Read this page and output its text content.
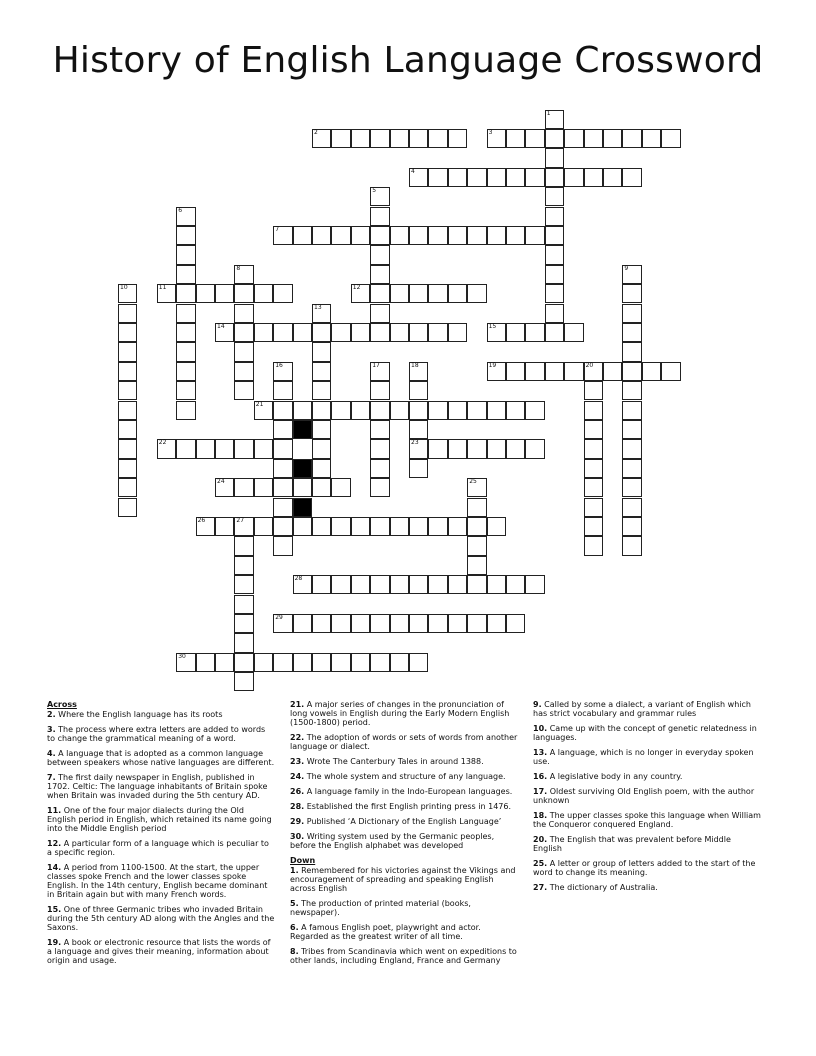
History of English Language Crossword
1
2	3
4
5
6
7
8	9
10	11	12
13
14	15
16	17	18
23
19	20
21
22
24	25
26	27
28
29
30
Across
2. Where the English language has its roots
3. The process where extra letters are added to words to change the grammatical meaning of a word.
4. A language that is adopted as a common language between speakers whose native languages are different.
7. The first daily newspaper in English, published in 1702. Celtic: The language inhabitants of Britain spoke when Britain was invaded during the 5th century AD.
11. One of the four major dialects during the Old English period in English, which retained its name going into the Middle English period
12. A particular form of a language which is peculiar to a specific region.
14. A period from 1100-1500. At the start, the upper classes spoke French and the lower classes spoke English. In the 14th century, English became dominant in Britain again but with many French words.
15. One of three Germanic tribes who invaded Britain during the 5th century AD along with the Angles and the Saxons.
19. A book or electronic resource that lists the words of a language and gives their meaning, information about origin and usage.
21. A major series of changes in the pronunciation of long vowels in English during the Early Modern English (1500-1800) period.
22. The adoption of words or sets of words from another language or dialect.
23. Wrote The Canterbury Tales in around 1388.
24. The whole system and structure of any language.
26. A language family in the Indo-European languages.
28. Established the first English printing press in 1476.
29. Published ‘A Dictionary of the English Language’
30. Writing system used by the Germanic peoples, before the English alphabet was developed
Down
1. Remembered for his victories against the Vikings and encouragement of spreading and speaking English across English
5. The production of printed material (books, newspaper).
6. A famous English poet, playwright and actor. Regarded as the greatest writer of all time.
8. Tribes from Scandinavia which went on expeditions to other lands, including England, France and Germany
9. Called by some a dialect, a variant of English which has strict vocabulary and grammar rules
10. Came up with the concept of genetic relatedness in languages.
13. A language, which is no longer in everyday spoken use.
16. A legislative body in any country.
17. Oldest surviving Old English poem, with the author unknown
18. The upper classes spoke this language when William the Conqueror conquered England.
20. The English that was prevalent before Middle English
25. A letter or group of letters added to the start of the word to change its meaning.
27. The dictionary of Australia.
